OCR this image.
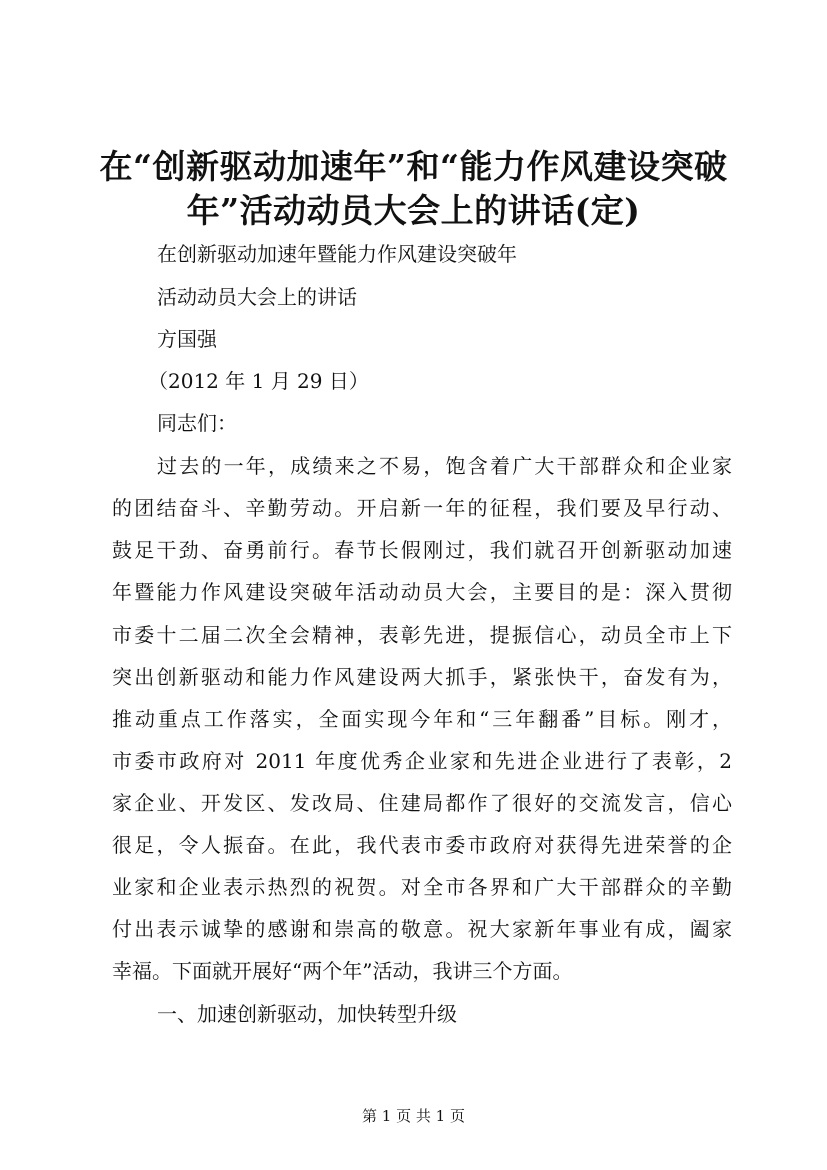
在“创新驱动加速年”和“能力作风建设突破
年”活动动员大会上的讲话(定)
在创新驱动加速年暨能力作风建设突破年
活动动员大会上的讲话
方国强
（2012 年 1 月 29 日）
同志们：
过去的一年，成绩来之不易，饱含着广大干部群众和企业家
的团结奋斗、辛勤劳动。开启新一年的征程，我们要及早行动、
鼓足干劲、奋勇前行。春节长假刚过，我们就召开创新驱动加速
年暨能力作风建设突破年活动动员大会，主要目的是：深入贯彻
市委十二届二次全会精神，表彰先进，提振信心，动员全市上下
突出创新驱动和能力作风建设两大抓手，紧张快干，奋发有为，
推动重点工作落实，全面实现今年和“三年翻番”目标。刚才，
市委市政府对 2011 年度优秀企业家和先进企业进行了表彰，2
家企业、开发区、发改局、住建局都作了很好的交流发言，信心
很足，令人振奋。在此，我代表市委市政府对获得先进荣誉的企
业家和企业表示热烈的祝贺。对全市各界和广大干部群众的辛勤
付出表示诚挚的感谢和崇高的敬意。祝大家新年事业有成，阖家
幸福。下面就开展好“两个年”活动，我讲三个方面。
一、加速创新驱动，加快转型升级
第 1 页 共 1 页
